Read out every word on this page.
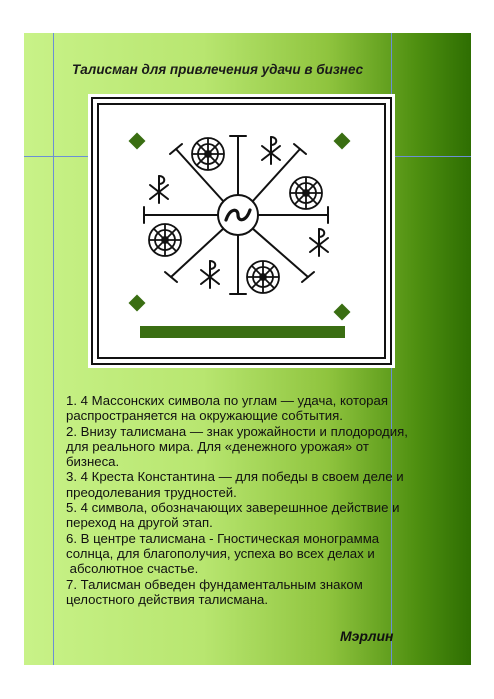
Талисман для привлечения удачи в бизнес

1. 4 Массонских символа по углам — удача, которая

распространяется на окружающие собтытия.

2. Внизу талисмана — знак урожайности и плодородия,

для реального мира. Для «денежного урожая» от

бизнеса.

3. 4 Креста Константина — для победы в своем деле и

преодолевания трудностей.

5. 4 символа, обозначающих заверешнное действие и

переход на другой этап.

6. В центре талисмана - Гностическая монограмма

солнца, для благополучия, успеха во всех делах и

абсолютное счастье.

7. Талисман обведен фундаментальным знаком

целостного действия талисмана.

Мэрлин
